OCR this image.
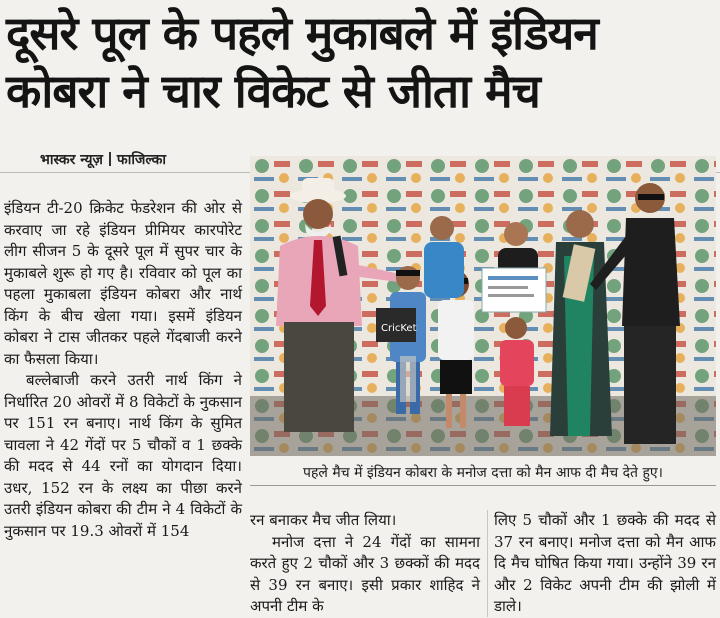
दूसरे पूल के पहले मुकाबले में इंडियन
कोबरा ने चार विकेट से जीता मैच
भास्कर न्यूज़ फाजिल्का

इंडियन टी-20 क्रिकेट फेडरेशन की ओर से करवाए जा रहे इंडियन प्रीमियर कारपोरेट लीग सीजन 5 के दूसरे पूल में सुपर चार के मुकाबले शुरू हो गए है। रविवार को पूल का पहला मुकाबला इंडियन कोबरा और नार्थ किंग के बीच खेला गया। इसमें इंडियन कोबरा ने टास जीतकर पहले गेंदबाजी करने का फैसला किया।

बल्लेबाजी करने उतरी नार्थ किंग ने निर्धारित 20 ओवरों में 8 विकेटों के नुकसान पर 151 रन बनाए। नार्थ किंग के सुमित चावला ने 42 गेंदों पर 5 चौकों व 1 छक्के की मदद से 44 रनों का योगदान दिया। उधर, 152 रन के लक्ष्य का पीछा करने उतरी इंडियन कोबरा की टीम ने 4 विकेटों के नुकसान पर 19.3 ओवरों में 154

CricKet
पहले मैच में इंडियन कोबरा के मनोज दत्ता को मैन आफ दी मैच देते हुए।

रन बनाकर मैच जीत लिया।

मनोज दत्ता ने 24 गेंदों का सामना करते हुए 2 चौकों और 3 छक्कों की मदद से 39 रन बनाए। इसी प्रकार शाहिद ने अपनी टीम के

लिए 5 चौकों और 1 छक्के की मदद से 37 रन बनाए। मनोज दत्ता को मैन आफ दि मैच घोषित किया गया। उन्होंने 39 रन और 2 विकेट अपनी टीम की झोली में डाले।
